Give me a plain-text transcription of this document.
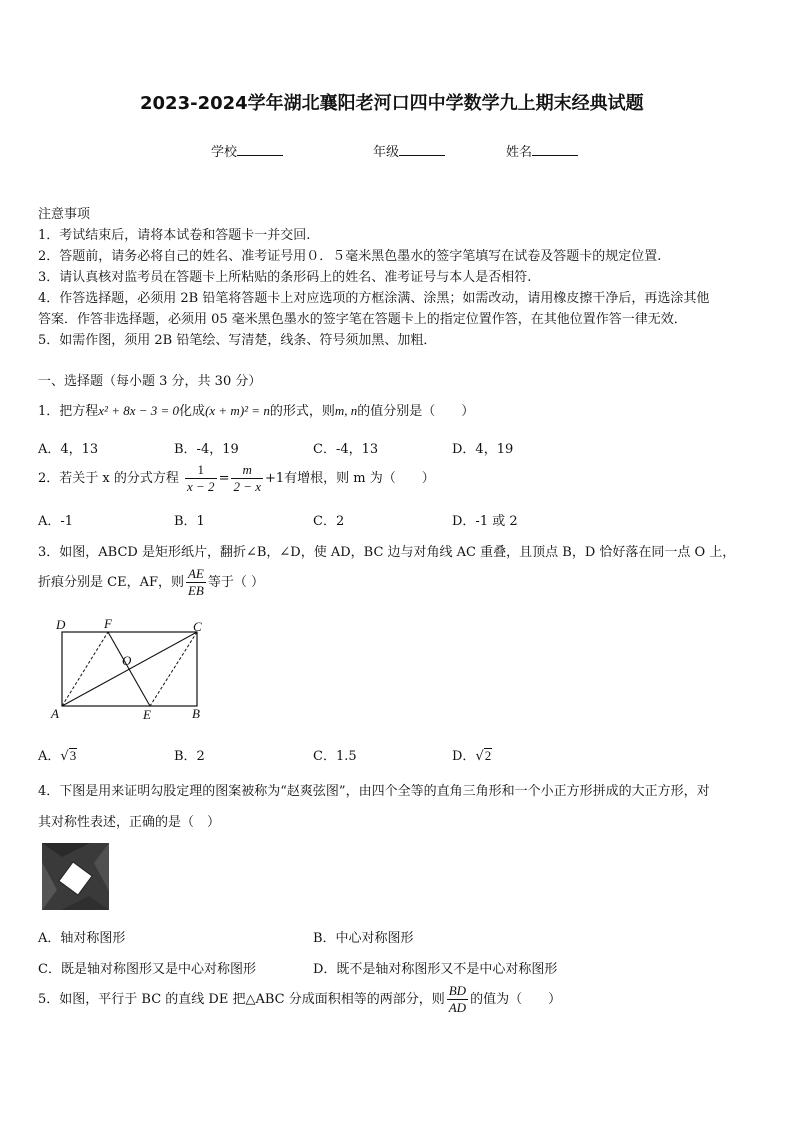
2023-2024学年湖北襄阳老河口四中学数学九上期末经典试题
学校	年级	姓名
注意事项
1．考试结束后，请将本试卷和答题卡一并交回.
2．答题前，请务必将自己的姓名、准考证号用０．５毫米黑色墨水的签字笔填写在试卷及答题卡的规定位置.
3．请认真核对监考员在答题卡上所粘贴的条形码上的姓名、准考证号与本人是否相符.
4．作答选择题，必须用 2B 铅笔将答题卡上对应选项的方框涂满、涂黑；如需改动，请用橡皮擦干净后，再选涂其他
答案．作答非选择题，必须用 05 毫米黑色墨水的签字笔在答题卡上的指定位置作答，在其他位置作答一律无效．
5．如需作图，须用 2B 铅笔绘、写清楚，线条、符号须加黑、加粗．
一、选择题（每小题 3 分，共 30 分）
1．把方程x² + 8x − 3 = 0化成(x + m)² = n的形式，则m, n的值分别是（　　）
A．4，13	B．-4，19	C．-4，13	D．4，19
2．若关于 x 的分式方程 $\frac{1}{x - 2} = \frac{m}{2 - x} +1$有增根，则 m 为（　　）
A．-1	B．1	C．2	D．-1 或 2
3．如图，ABCD 是矩形纸片，翻折∠B，∠D，使 AD，BC 边与对角线 AC 重叠，且顶点 B，D 恰好落在同一点 O 上，
折痕分别是 CE，AF，则 $\frac{AE}{EB}$ 等于（ ）
D	F	C
O
A	E	B
A．√3	B．2	C．1.5	D．√2
4．下图是用来证明勾股定理的图案被称为“赵爽弦图”，由四个全等的直角三角形和一个小正方形拼成的大正方形，对
其对称性表述，正确的是（　）
A．轴对称图形	B．中心对称图形
C．既是轴对称图形又是中心对称图形	D．既不是轴对称图形又不是中心对称图形
5．如图，平行于 BC 的直线 DE 把△ABC 分成面积相等的两部分，则 $\frac{BD}{AD}$ 的值为（　　）
